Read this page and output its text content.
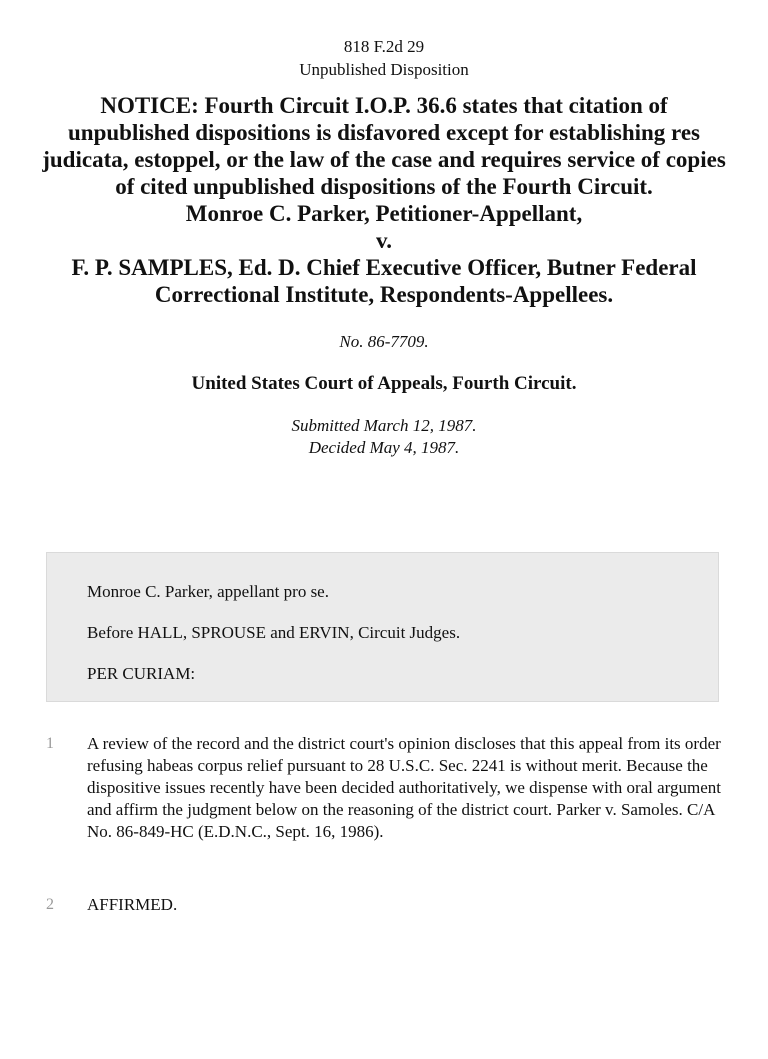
818 F.2d 29
Unpublished Disposition
NOTICE: Fourth Circuit I.O.P. 36.6 states that citation of unpublished dispositions is disfavored except for establishing res judicata, estoppel, or the law of the case and requires service of copies of cited unpublished dispositions of the Fourth Circuit.
Monroe C. Parker, Petitioner-Appellant,
v.
F. P. SAMPLES, Ed. D. Chief Executive Officer, Butner Federal Correctional Institute, Respondents-Appellees.
No. 86-7709.
United States Court of Appeals, Fourth Circuit.
Submitted March 12, 1987.
Decided May 4, 1987.

Monroe C. Parker, appellant pro se.

Before HALL, SPROUSE and ERVIN, Circuit Judges.

PER CURIAM:

1 A review of the record and the district court's opinion discloses that this appeal from its order refusing habeas corpus relief pursuant to 28 U.S.C. Sec. 2241 is without merit. Because the dispositive issues recently have been decided authoritatively, we dispense with oral argument and affirm the judgment below on the reasoning of the district court. Parker v. Samoles. C/A No. 86-849-HC (E.D.N.C., Sept. 16, 1986).

2 AFFIRMED.
